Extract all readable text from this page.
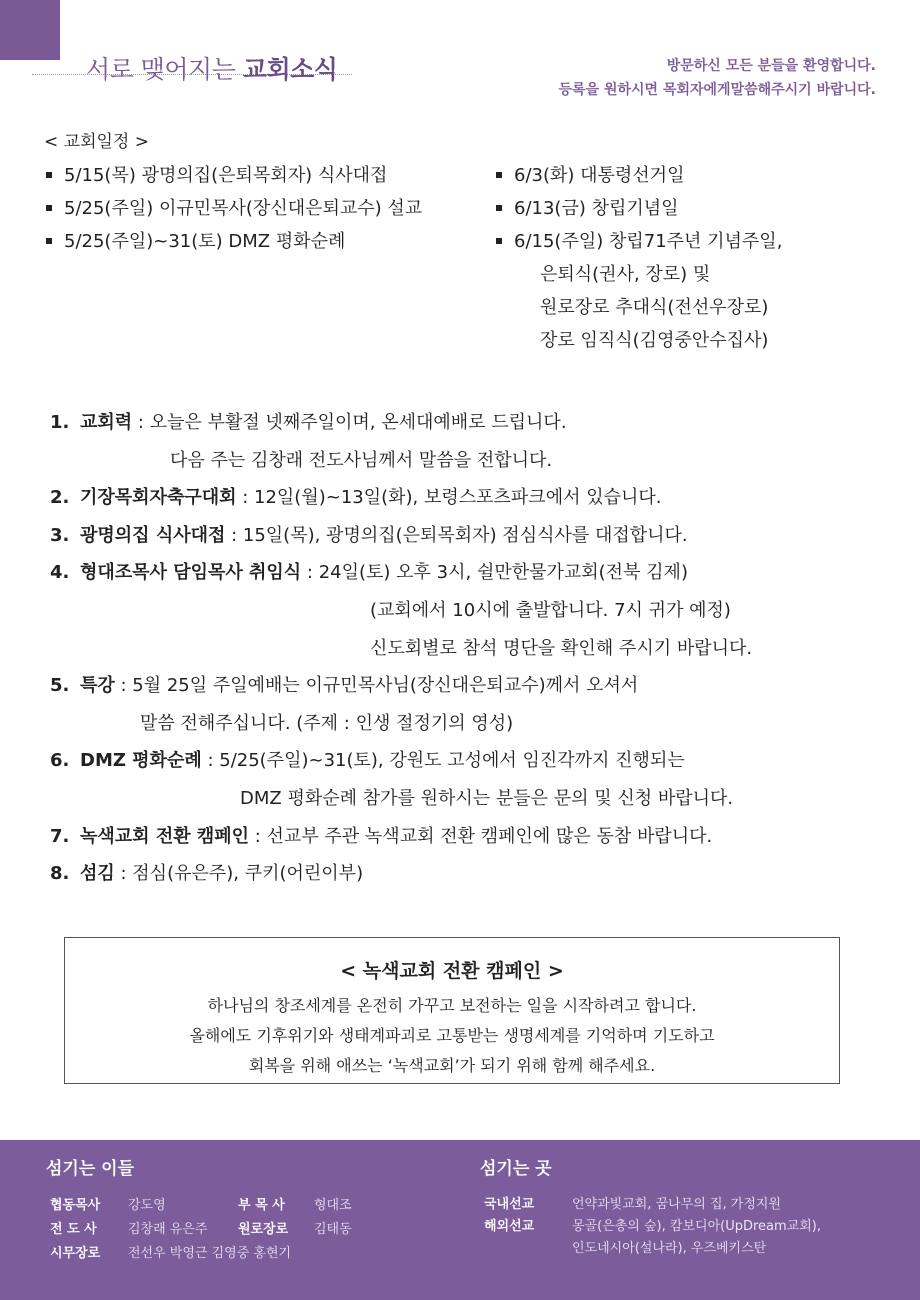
서로 맺어지는 교회소식	방문하신 모든 분들을 환영합니다.
등록을 원하시면 목회자에게말씀해주시기 바랍니다.
< 교회일정 >
5/15(목) 광명의집(은퇴목회자) 식사대접
5/25(주일) 이규민목사(장신대은퇴교수) 설교
5/25(주일)~31(토) DMZ 평화순례
6/3(화) 대통령선거일
6/13(금) 창립기념일
6/15(주일) 창립71주년 기념주일,
은퇴식(권사, 장로) 및
원로장로 추대식(전선우장로)
장로 임직식(김영중안수집사)
1. 교회력 : 오늘은 부활절 넷째주일이며, 온세대예배로 드립니다.
다음 주는 김창래 전도사님께서 말씀을 전합니다.
2. 기장목회자축구대회 : 12일(월)~13일(화), 보령스포츠파크에서 있습니다.
3. 광명의집 식사대접 : 15일(목), 광명의집(은퇴목회자) 점심식사를 대접합니다.
4. 형대조목사 담임목사 취임식 : 24일(토) 오후 3시, 쉴만한물가교회(전북 김제)
(교회에서 10시에 출발합니다. 7시 귀가 예정)
신도회별로 참석 명단을 확인해 주시기 바랍니다.
5. 특강 : 5월 25일 주일예배는 이규민목사님(장신대은퇴교수)께서 오셔서
말씀 전해주십니다. (주제 : 인생 절정기의 영성)
6. DMZ 평화순례 : 5/25(주일)~31(토), 강원도 고성에서 임진각까지 진행되는
DMZ 평화순례 참가를 원하시는 분들은 문의 및 신청 바랍니다.
7. 녹색교회 전환 캠페인 : 선교부 주관 녹색교회 전환 캠페인에 많은 동참 바랍니다.
8. 섬김 : 점심(유은주), 쿠키(어린이부)
< 녹색교회 전환 캠페인 >
하나님의 창조세계를 온전히 가꾸고 보전하는 일을 시작하려고 합니다.
올해에도 기후위기와 생태계파괴로 고통받는 생명세계를 기억하며 기도하고
회복을 위해 애쓰는 ‘녹색교회’가 되기 위해 함께 해주세요.
섬기는 이들
협동목사	강도영	부 목 사	형대조
전 도 사	김창래 유은주	원로장로	김태동
시무장로	전선우 박영근 김영중 홍현기
섬기는 곳
국내선교	언약과빛교회, 꿈나무의 집, 가정지원
해외선교	몽골(은총의 숲), 캄보디아(UpDream교회),
인도네시아(설나라), 우즈베키스탄
